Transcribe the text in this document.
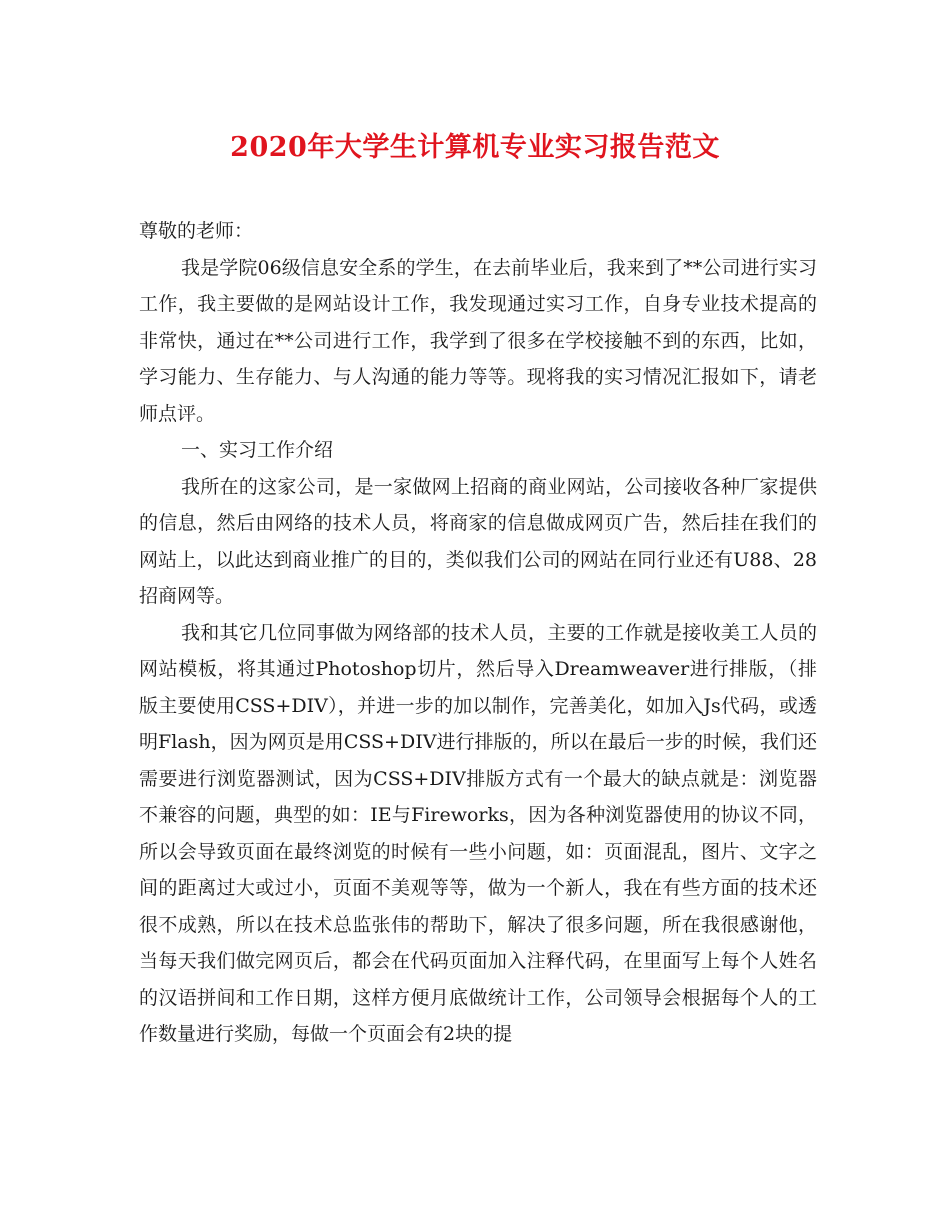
2020年大学生计算机专业实习报告范文

尊敬的老师：

我是学院06级信息安全系的学生，在去前毕业后，我来到了**公司进行实习工作，我主要做的是网站设计工作，我发现通过实习工作，自身专业技术提高的非常快，通过在**公司进行工作，我学到了很多在学校接触不到的东西，比如，学习能力、生存能力、与人沟通的能力等等。现将我的实习情况汇报如下，请老师点评。

一、实习工作介绍

我所在的这家公司，是一家做网上招商的商业网站，公司接收各种厂家提供的信息，然后由网络的技术人员，将商家的信息做成网页广告，然后挂在我们的网站上，以此达到商业推广的目的，类似我们公司的网站在同行业还有U88、28招商网等。

我和其它几位同事做为网络部的技术人员，主要的工作就是接收美工人员的网站模板，将其通过Photoshop切片，然后导入Dreamweaver进行排版，（排版主要使用CSS+DIV），并进一步的加以制作，完善美化，如加入Js代码，或透明Flash，因为网页是用CSS+DIV进行排版的，所以在最后一步的时候，我们还需要进行浏览器测试，因为CSS+DIV排版方式有一个最大的缺点就是：浏览器不兼容的问题，典型的如：IE与Fireworks，因为各种浏览器使用的协议不同，所以会导致页面在最终浏览的时候有一些小问题，如：页面混乱，图片、文字之间的距离过大或过小，页面不美观等等，做为一个新人，我在有些方面的技术还很不成熟，所以在技术总监张伟的帮助下，解决了很多问题，所在我很感谢他，当每天我们做完网页后，都会在代码页面加入注释代码，在里面写上每个人姓名的汉语拼间和工作日期，这样方便月底做统计工作，公司领导会根据每个人的工作数量进行奖励，每做一个页面会有2块的提
